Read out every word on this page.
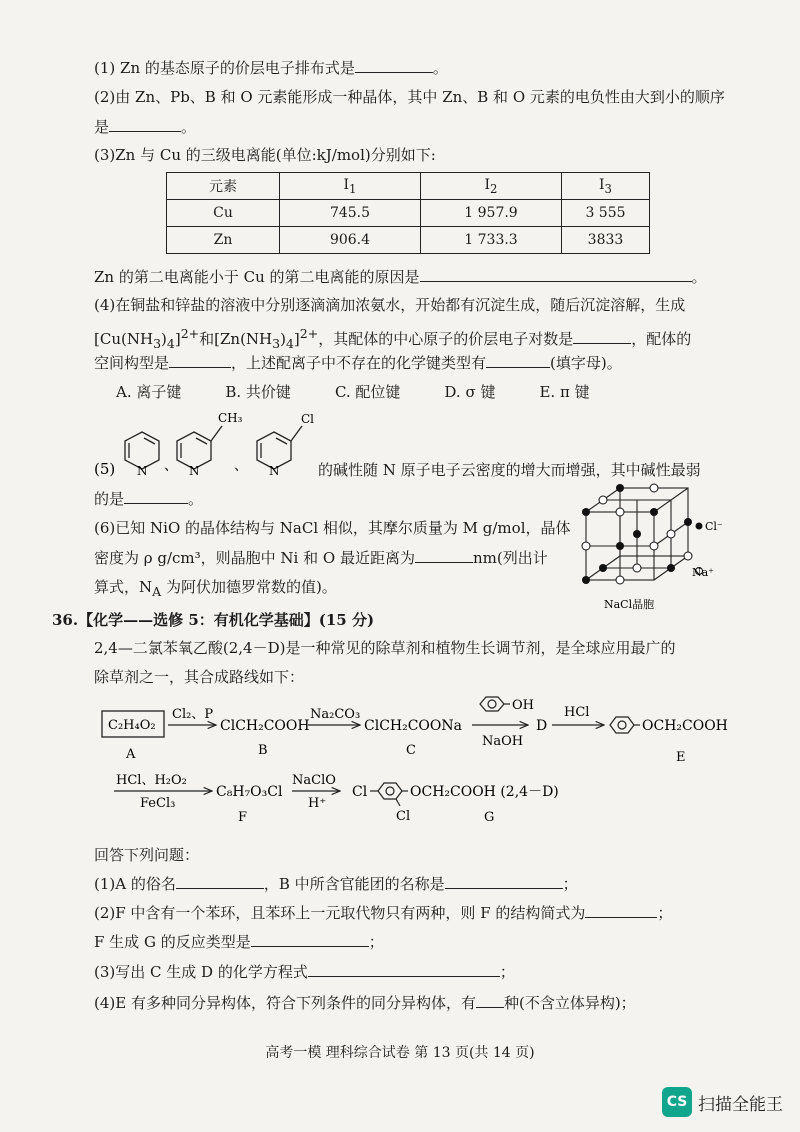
(1) Zn 的基态原子的价层电子排布式是	。
(2)由 Zn、Pb、B 和 O 元素能形成一种晶体，其中 Zn、B 和 O 元素的电负性由大到小的顺序
是	。
(3)Zn 与 Cu 的三级电离能(单位:kJ/mol)分别如下:
元素	$I_1$	$I_2$	$I_3$
Cu	745.5	1 957.9	3 555
Zn	906.4	1 733.3	3833
Zn 的第二电离能小于 Cu 的第二电离能的原因是	。
(4)在铜盐和锌盐的溶液中分别逐滴滴加浓氨水，开始都有沉淀生成，随后沉淀溶解，生成
$[Cu(NH_3)_4]^{2+}$和$[Zn(NH_3)_4]^{2+}$，其配体的中心原子的价层电子对数是	，配体的
空间构型是	，上述配离子中不存在的化学键类型有	(填字母)。
A. 离子键	B. 共价键	C. 配位键	D. σ 键	E. π 键
(5) N 、 N
CH₃
、 N
Cl
的碱性随 N 原子电子云密度的增大而增强，其中碱性最弱
的是	。
(6)已知 NiO 的晶体结构与 NaCl 相似，其摩尔质量为 M g/mol，晶体
密度为 ρ g/cm³，则晶胞中 Ni 和 O 最近距离为	nm(列出计
算式，$N_A$ 为阿伏加德罗常数的值)。
Cl⁻
Na⁺
NaCl晶胞
36.【化学——选修 5：有机化学基础】(15 分)
2,4—二氯苯氧乙酸(2,4－D)是一种常见的除草剂和植物生长调节剂，是全球应用最广的
除草剂之一，其合成路线如下：
C₂H₄O₂
A
Cl₂、P
ClCH₂COOH
B
Na₂CO₃
ClCH₂COONa
C
OH
NaOH
D
HCl
OCH₂COOH
E
HCl、H₂O₂
FeCl₃
C₈H₇O₃Cl
F
NaClO
H⁺
Cl	OCH₂COOH (2,4－D)
Cl	G
回答下列问题：
(1)A 的俗名	，B 中所含官能团的名称是	；
(2)F 中含有一个苯环，且苯环上一元取代物只有两种，则 F 的结构简式为	；
F 生成 G 的反应类型是	；
(3)写出 C 生成 D 的化学方程式	；
(4)E 有多种同分异构体，符合下列条件的同分异构体，有 种(不含立体异构)；
高考一模 理科综合试卷 第 13 页(共 14 页)
CS 扫描全能王
